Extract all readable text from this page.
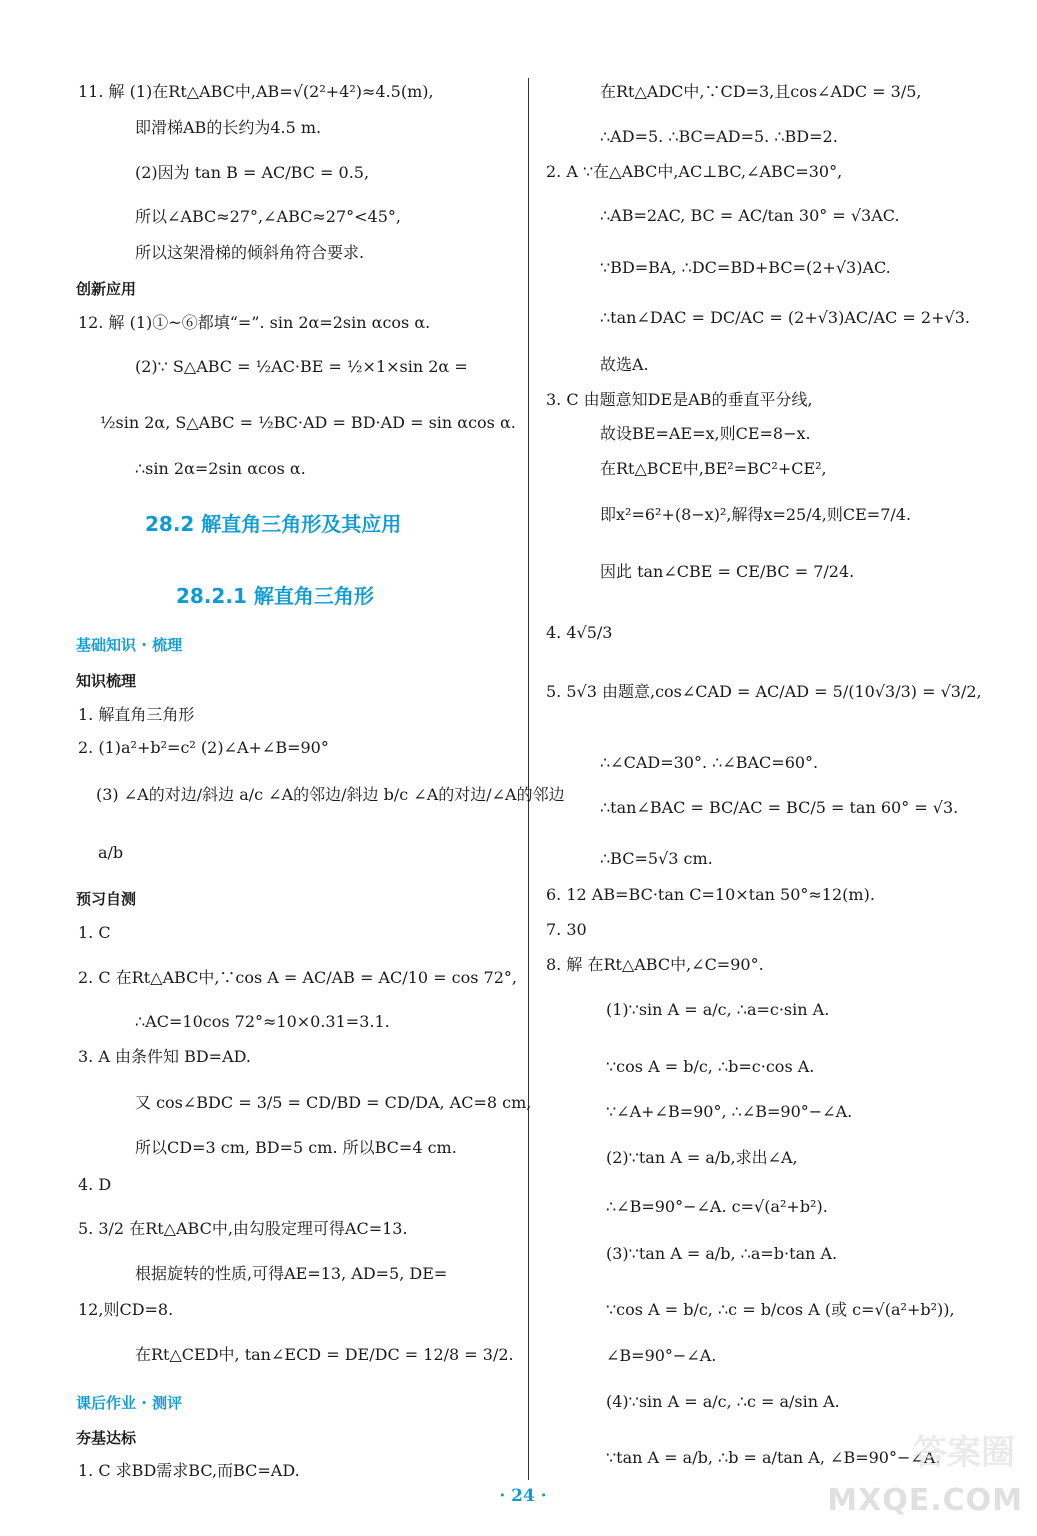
11. 解 (1)在Rt△ABC中,AB=√(2²+4²)≈4.5(m),
即滑梯AB的长约为4.5 m.
(2)因为 tan B = AC/BC = 0.5,
所以∠ABC≈27°,∠ABC≈27°<45°,
所以这架滑梯的倾斜角符合要求.
创新应用
12. 解 (1)①~⑥都填“=”. sin 2α=2sin αcos α.
(2)∵ S△ABC = ½AC·BE = ½×1×sin 2α =
½sin 2α, S△ABC = ½BC·AD = BD·AD = sin αcos α.
∴sin 2α=2sin αcos α.
28.2 解直角三角形及其应用
28.2.1 解直角三角形
基础知识 · 梳理
知识梳理
1. 解直角三角形
2. (1)a²+b²=c² (2)∠A+∠B=90°
(3) ∠A的对边/斜边 a/c ∠A的邻边/斜边 b/c ∠A的对边/∠A的邻边
a/b
预习自测
1. C
2. C 在Rt△ABC中,∵cos A = AC/AB = AC/10 = cos 72°,
∴AC=10cos 72°≈10×0.31=3.1.
3. A 由条件知 BD=AD.
又 cos∠BDC = 3/5 = CD/BD = CD/DA, AC=8 cm,
所以CD=3 cm, BD=5 cm. 所以BC=4 cm.
4. D
5. 3/2 在Rt△ABC中,由勾股定理可得AC=13.
根据旋转的性质,可得AE=13, AD=5, DE=
12,则CD=8.
在Rt△CED中, tan∠ECD = DE/DC = 12/8 = 3/2.
课后作业 · 测评
夯基达标
1. C 求BD需求BC,而BC=AD.
在Rt△ADC中,∵CD=3,且cos∠ADC = 3/5,
∴AD=5. ∴BC=AD=5. ∴BD=2.
2. A ∵在△ABC中,AC⊥BC,∠ABC=30°,
∴AB=2AC, BC = AC/tan 30° = √3AC.
∵BD=BA, ∴DC=BD+BC=(2+√3)AC.
∴tan∠DAC = DC/AC = (2+√3)AC/AC = 2+√3.
故选A.
3. C 由题意知DE是AB的垂直平分线,
故设BE=AE=x,则CE=8−x.
在Rt△BCE中,BE²=BC²+CE²,
即x²=6²+(8−x)²,解得x=25/4,则CE=7/4.
因此 tan∠CBE = CE/BC = 7/24.
4. 4√5/3
5. 5√3 由题意,cos∠CAD = AC/AD = 5/(10√3/3) = √3/2,
∴∠CAD=30°. ∴∠BAC=60°.
∴tan∠BAC = BC/AC = BC/5 = tan 60° = √3.
∴BC=5√3 cm.
6. 12 AB=BC·tan C=10×tan 50°≈12(m).
7. 30
8. 解 在Rt△ABC中,∠C=90°.
(1)∵sin A = a/c, ∴a=c·sin A.
∵cos A = b/c, ∴b=c·cos A.
∵∠A+∠B=90°, ∴∠B=90°−∠A.
(2)∵tan A = a/b,求出∠A,
∴∠B=90°−∠A. c=√(a²+b²).
(3)∵tan A = a/b, ∴a=b·tan A.
∵cos A = b/c, ∴c = b/cos A (或 c=√(a²+b²)),
∠B=90°−∠A.
(4)∵sin A = a/c, ∴c = a/sin A.
∵tan A = a/b, ∴b = a/tan A, ∠B=90°−∠A.
· 24 ·
答案圈
MXQE.COM
